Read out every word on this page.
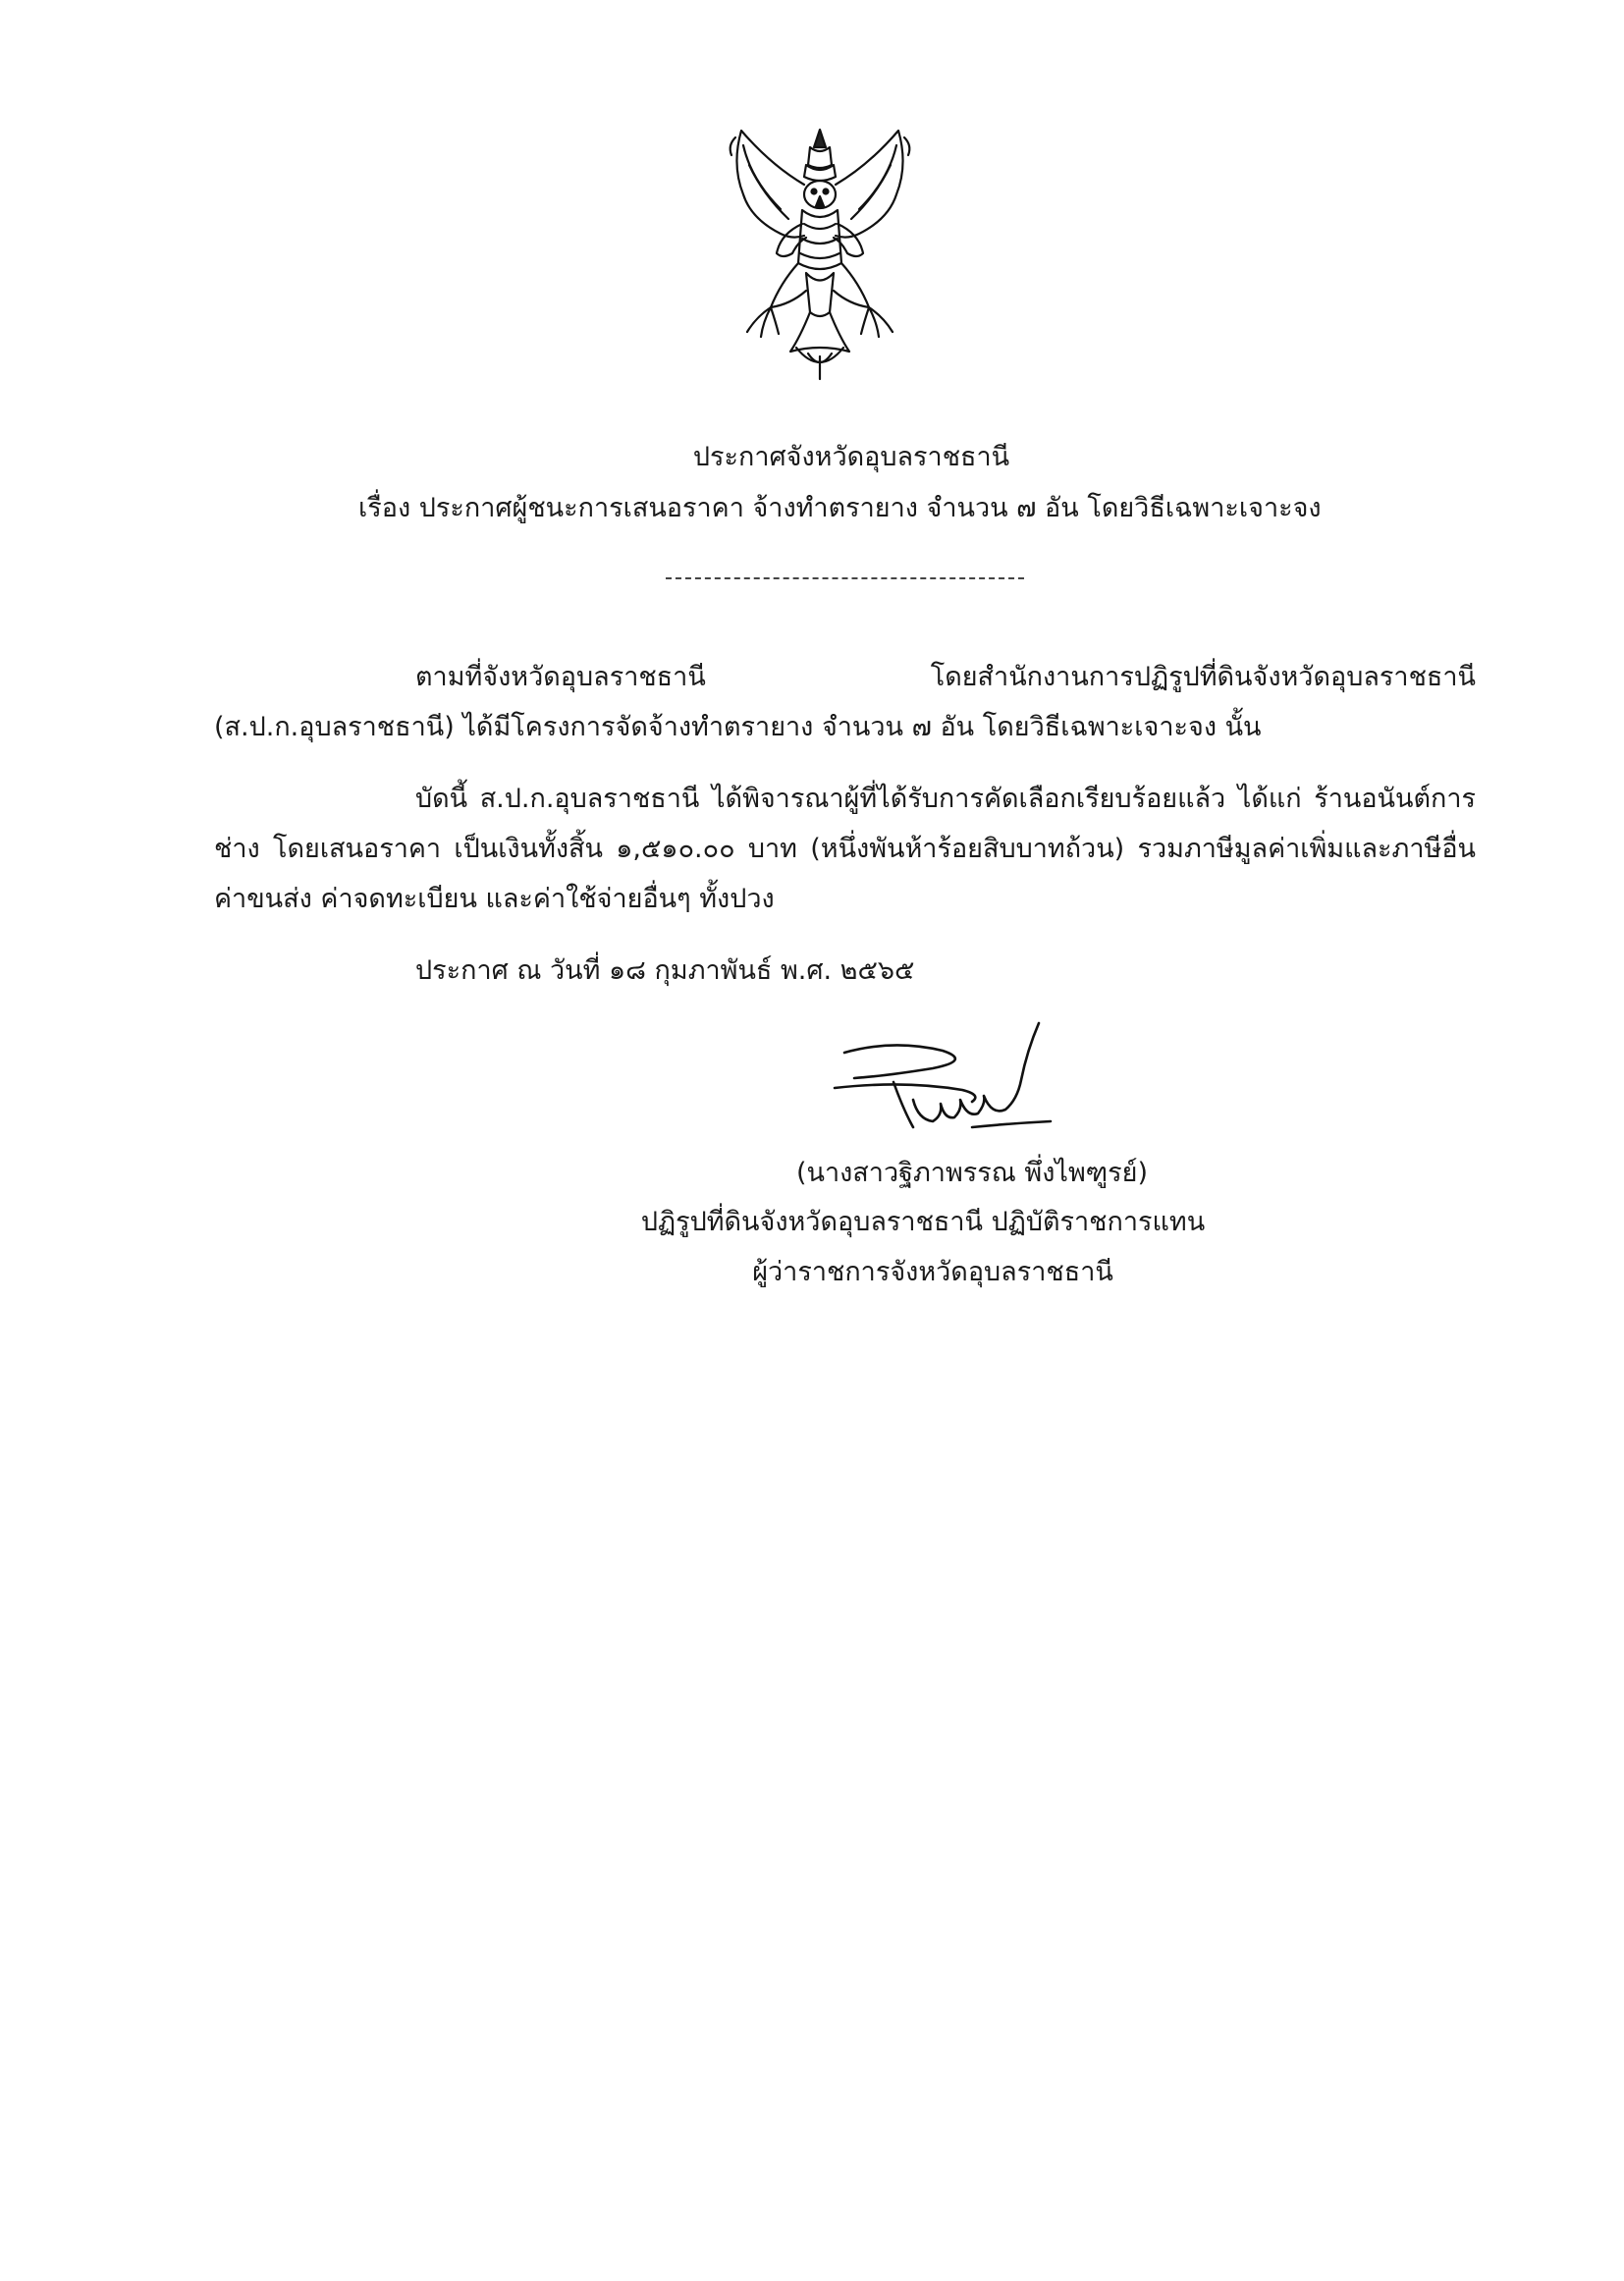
ประกาศจังหวัดอุบลราชธานี
เรื่อง ประกาศผู้ชนะการเสนอราคา จ้างทำตรายาง จำนวน ๗ อัน โดยวิธีเฉพาะเจาะจง
ตามที่จังหวัดอุบลราชธานี โดยสำนักงานการปฏิรูปที่ดินจังหวัดอุบลราชธานี (ส.ป.ก.อุบลราชธานี) ได้มีโครงการจัดจ้างทำตรายาง จำนวน ๗ อัน โดยวิธีเฉพาะเจาะจง นั้น
บัดนี้ ส.ป.ก.อุบลราชธานี ได้พิจารณาผู้ที่ได้รับการคัดเลือกเรียบร้อยแล้ว ได้แก่ ร้านอนันต์การช่าง โดยเสนอราคา เป็นเงินทั้งสิ้น ๑,๕๑๐.๐๐ บาท (หนึ่งพันห้าร้อยสิบบาทถ้วน) รวมภาษีมูลค่าเพิ่มและภาษีอื่น ค่าขนส่ง ค่าจดทะเบียน และค่าใช้จ่ายอื่นๆ ทั้งปวง
ประกาศ ณ วันที่ ๑๘ กุมภาพันธ์ พ.ศ. ๒๕๖๕
(นางสาวฐิภาพรรณ พึ่งไพฑูรย์)
ปฏิรูปที่ดินจังหวัดอุบลราชธานี ปฏิบัติราชการแทน
ผู้ว่าราชการจังหวัดอุบลราชธานี
